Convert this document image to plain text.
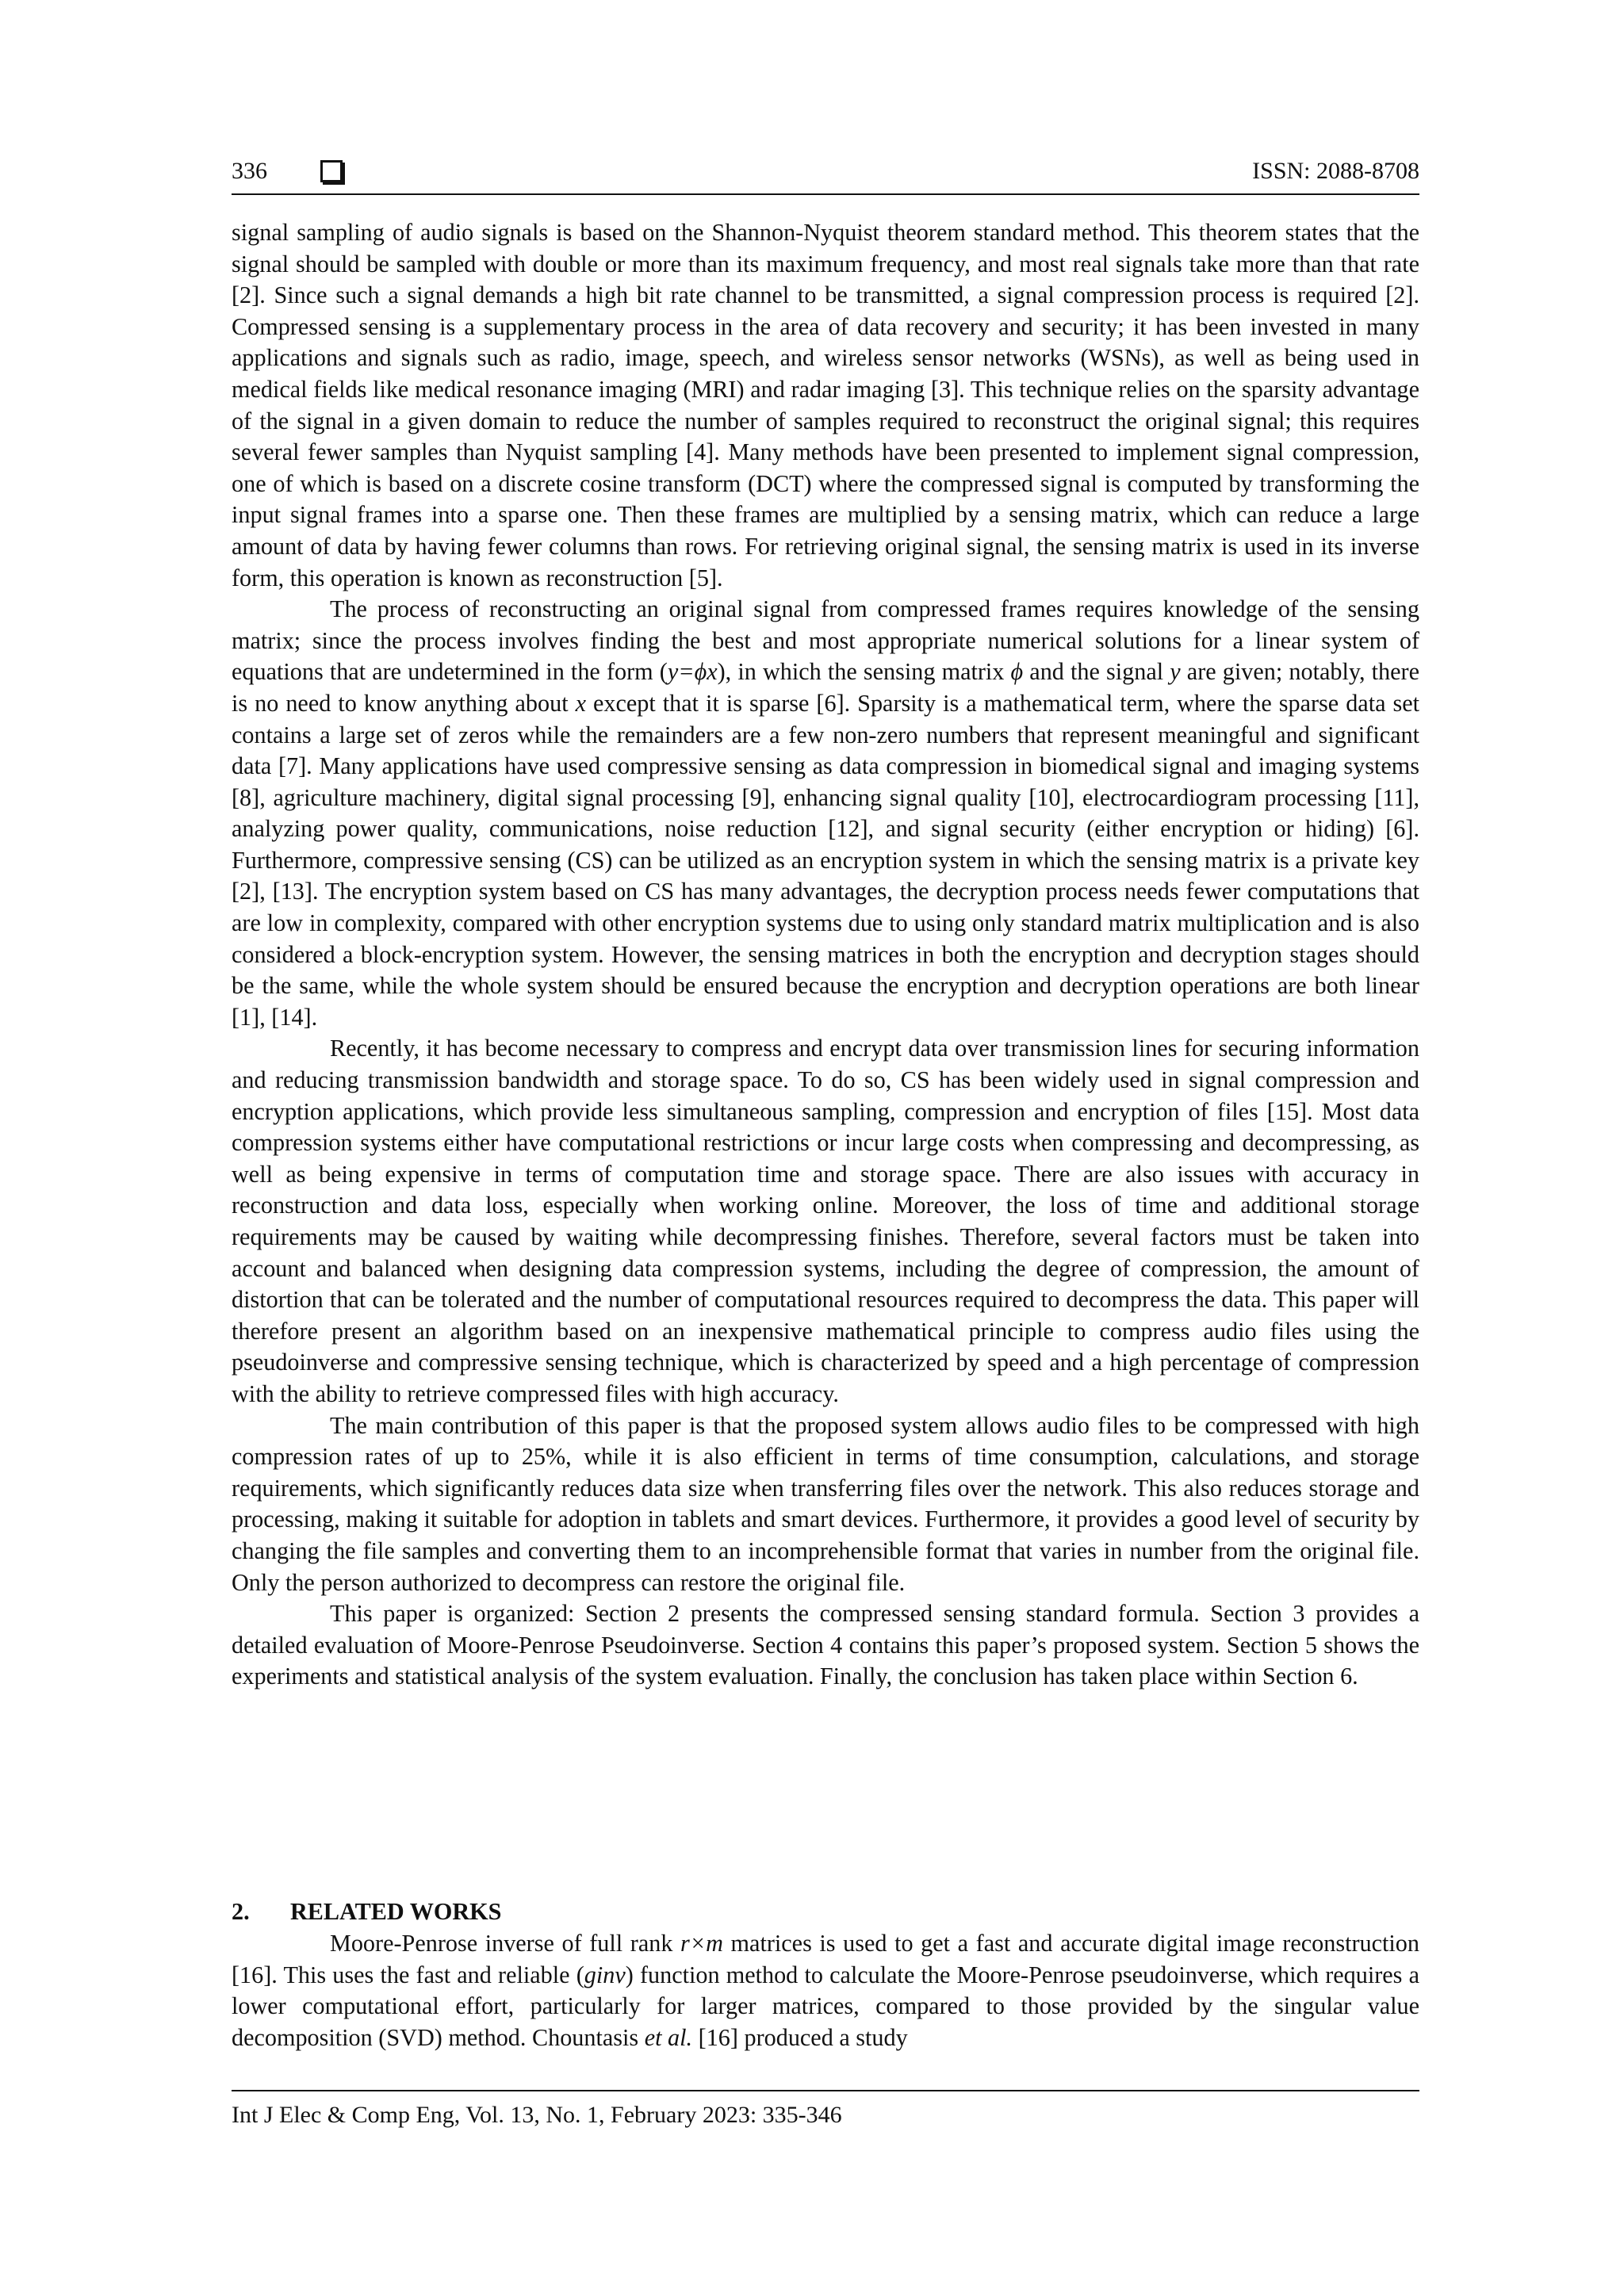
336	ISSN: 2088-8708

signal sampling of audio signals is based on the Shannon-Nyquist theorem standard method. This theorem states that the signal should be sampled with double or more than its maximum frequency, and most real signals take more than that rate [2]. Since such a signal demands a high bit rate channel to be transmitted, a signal compression process is required [2]. Compressed sensing is a supplementary process in the area of data recovery and security; it has been invested in many applications and signals such as radio, image, speech, and wireless sensor networks (WSNs), as well as being used in medical fields like medical resonance imaging (MRI) and radar imaging [3]. This technique relies on the sparsity advantage of the signal in a given domain to reduce the number of samples required to reconstruct the original signal; this requires several fewer samples than Nyquist sampling [4]. Many methods have been presented to implement signal compression, one of which is based on a discrete cosine transform (DCT) where the compressed signal is computed by transforming the input signal frames into a sparse one. Then these frames are multiplied by a sensing matrix, which can reduce a large amount of data by having fewer columns than rows. For retrieving original signal, the sensing matrix is used in its inverse form, this operation is known as reconstruction [5].

The process of reconstructing an original signal from compressed frames requires knowledge of the sensing matrix; since the process involves finding the best and most appropriate numerical solutions for a linear system of equations that are undetermined in the form (y=ϕx), in which the sensing matrix ϕ and the signal y are given; notably, there is no need to know anything about x except that it is sparse [6]. Sparsity is a mathematical term, where the sparse data set contains a large set of zeros while the remainders are a few non-zero numbers that represent meaningful and significant data [7]. Many applications have used compressive sensing as data compression in biomedical signal and imaging systems [8], agriculture machinery, digital signal processing [9], enhancing signal quality [10], electrocardiogram processing [11], analyzing power quality, communications, noise reduction [12], and signal security (either encryption or hiding) [6]. Furthermore, compressive sensing (CS) can be utilized as an encryption system in which the sensing matrix is a private key [2], [13]. The encryption system based on CS has many advantages, the decryption process needs fewer computations that are low in complexity, compared with other encryption systems due to using only standard matrix multiplication and is also considered a block-encryption system. However, the sensing matrices in both the encryption and decryption stages should be the same, while the whole system should be ensured because the encryption and decryption operations are both linear [1], [14].

Recently, it has become necessary to compress and encrypt data over transmission lines for securing information and reducing transmission bandwidth and storage space. To do so, CS has been widely used in signal compression and encryption applications, which provide less simultaneous sampling, compression and encryption of files [15]. Most data compression systems either have computational restrictions or incur large costs when compressing and decompressing, as well as being expensive in terms of computation time and storage space. There are also issues with accuracy in reconstruction and data loss, especially when working online. Moreover, the loss of time and additional storage requirements may be caused by waiting while decompressing finishes. Therefore, several factors must be taken into account and balanced when designing data compression systems, including the degree of compression, the amount of distortion that can be tolerated and the number of computational resources required to decompress the data. This paper will therefore present an algorithm based on an inexpensive mathematical principle to compress audio files using the pseudoinverse and compressive sensing technique, which is characterized by speed and a high percentage of compression with the ability to retrieve compressed files with high accuracy.

The main contribution of this paper is that the proposed system allows audio files to be compressed with high compression rates of up to 25%, while it is also efficient in terms of time consumption, calculations, and storage requirements, which significantly reduces data size when transferring files over the network. This also reduces storage and processing, making it suitable for adoption in tablets and smart devices. Furthermore, it provides a good level of security by changing the file samples and converting them to an incomprehensible format that varies in number from the original file. Only the person authorized to decompress can restore the original file.

This paper is organized: Section 2 presents the compressed sensing standard formula. Section 3 provides a detailed evaluation of Moore-Penrose Pseudoinverse. Section 4 contains this paper’s proposed system. Section 5 shows the experiments and statistical analysis of the system evaluation. Finally, the conclusion has taken place within Section 6.

2. RELATED WORKS

Moore-Penrose inverse of full rank r×m matrices is used to get a fast and accurate digital image reconstruction [16]. This uses the fast and reliable (ginv) function method to calculate the Moore-Penrose pseudoinverse, which requires a lower computational effort, particularly for larger matrices, compared to those provided by the singular value decomposition (SVD) method. Chountasis et al. [16] produced a study

Int J Elec & Comp Eng, Vol. 13, No. 1, February 2023: 335-346
